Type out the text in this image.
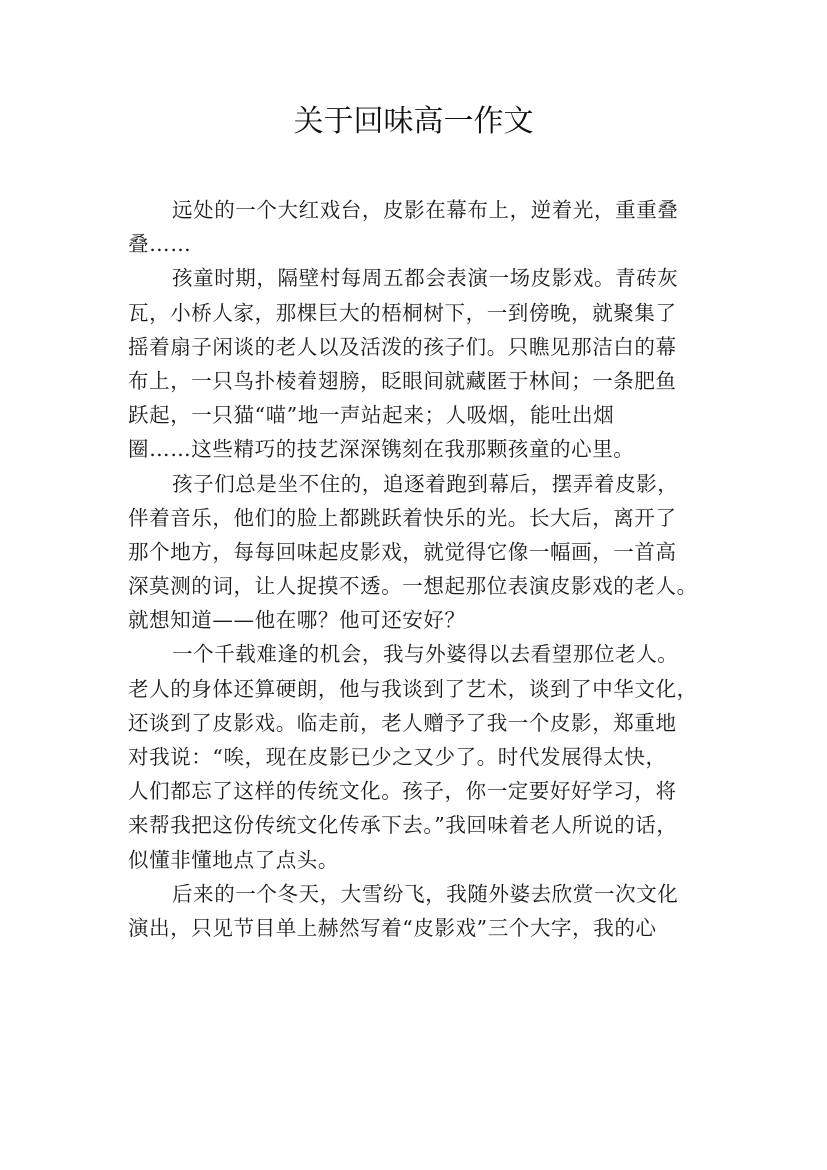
关于回味高一作文
远处的一个大红戏台，皮影在幕布上，逆着光，重重叠
叠……
孩童时期，隔壁村每周五都会表演一场皮影戏。青砖灰
瓦，小桥人家，那棵巨大的梧桐树下，一到傍晚，就聚集了
摇着扇子闲谈的老人以及活泼的孩子们。只瞧见那洁白的幕
布上，一只鸟扑棱着翅膀，眨眼间就藏匿于林间；一条肥鱼
跃起，一只猫“喵”地一声站起来；人吸烟，能吐出烟
圈……这些精巧的技艺深深镌刻在我那颗孩童的心里。
孩子们总是坐不住的，追逐着跑到幕后，摆弄着皮影，
伴着音乐，他们的脸上都跳跃着快乐的光。长大后，离开了
那个地方，每每回味起皮影戏，就觉得它像一幅画，一首高
深莫测的词，让人捉摸不透。一想起那位表演皮影戏的老人。
就想知道——他在哪？他可还安好？
一个千载难逢的机会，我与外婆得以去看望那位老人。
老人的身体还算硬朗，他与我谈到了艺术，谈到了中华文化，
还谈到了皮影戏。临走前，老人赠予了我一个皮影，郑重地
对我说：“唉，现在皮影已少之又少了。时代发展得太快，
人们都忘了这样的传统文化。孩子，你一定要好好学习，将
来帮我把这份传统文化传承下去。”我回味着老人所说的话，
似懂非懂地点了点头。
后来的一个冬天，大雪纷飞，我随外婆去欣赏一次文化
演出，只见节目单上赫然写着“皮影戏”三个大字，我的心
